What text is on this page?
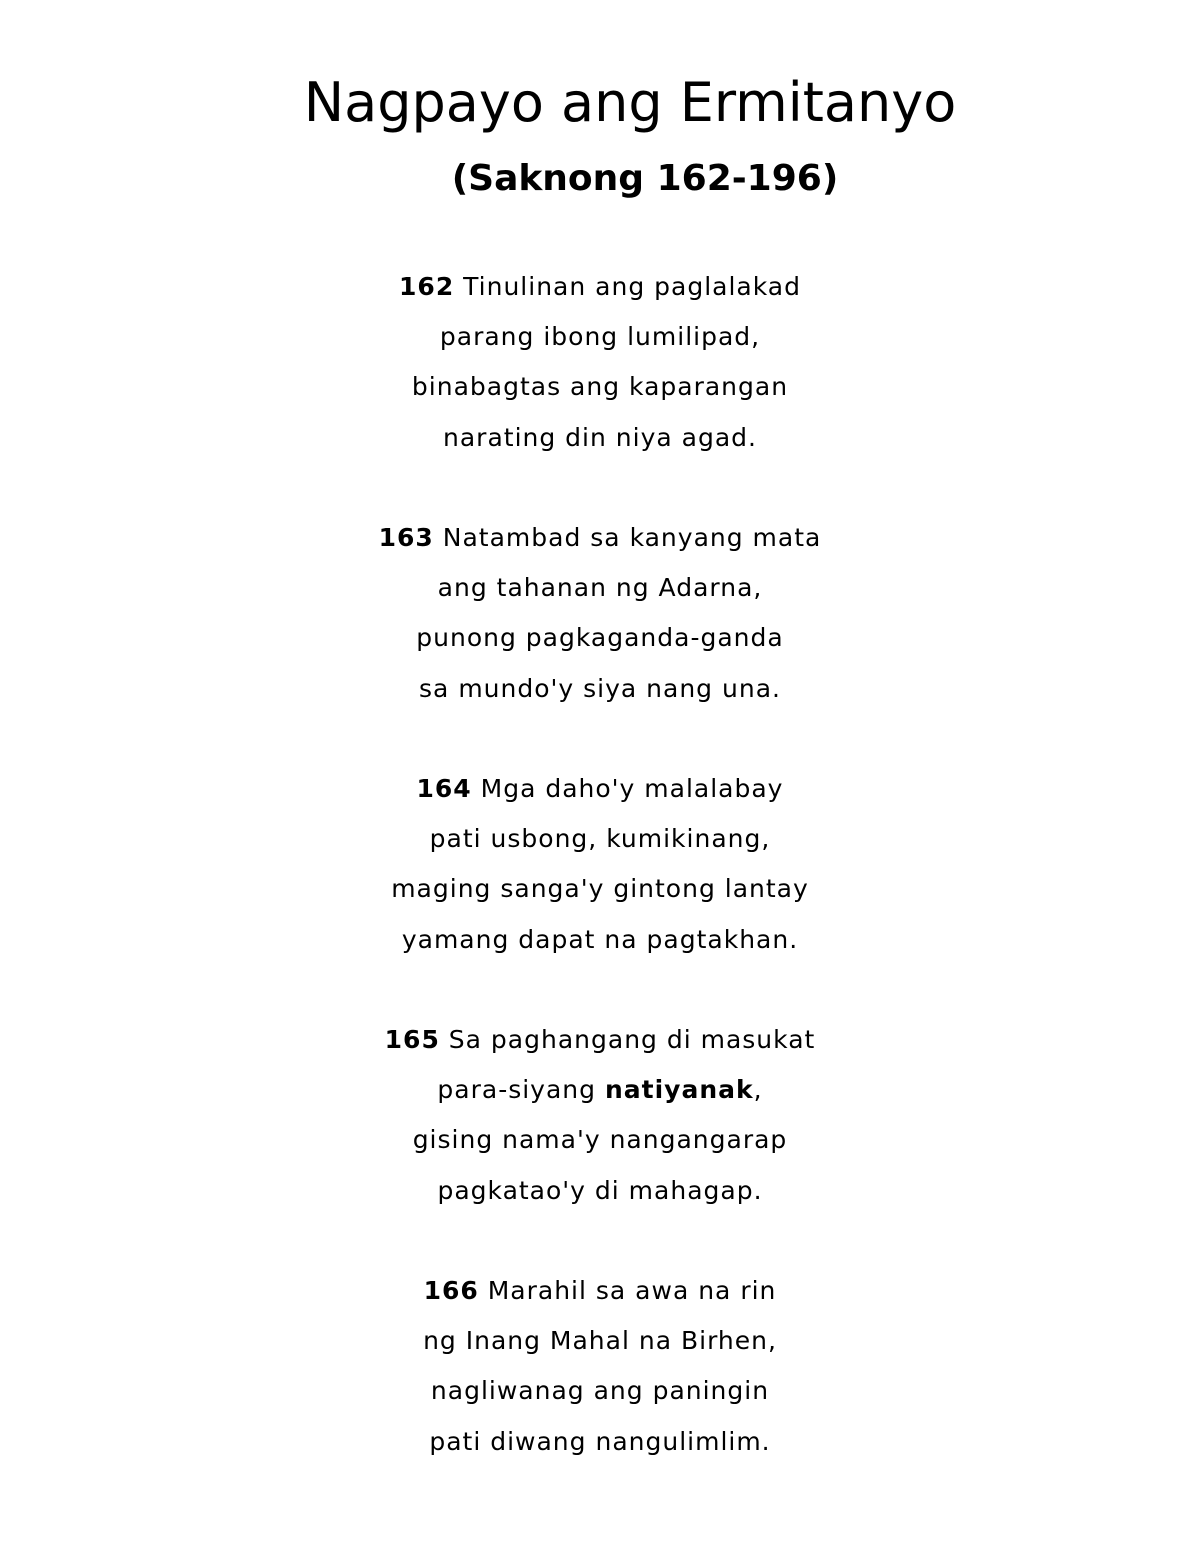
Nagpayo ang Ermitanyo
(Saknong 162-196)
162 Tinulinan ang paglalakad
parang ibong lumilipad,
binabagtas ang kaparangan
narating din niya agad.
163 Natambad sa kanyang mata
ang tahanan ng Adarna,
punong pagkaganda-ganda
sa mundo'y siya nang una.
164 Mga daho'y malalabay
pati usbong, kumikinang,
maging sanga'y gintong lantay
yamang dapat na pagtakhan.
165 Sa paghangang di masukat
para-siyang natiyanak,
gising nama'y nangangarap
pagkatao'y di mahagap.
166 Marahil sa awa na rin
ng Inang Mahal na Birhen,
nagliwanag ang paningin
pati diwang nangulimlim.
